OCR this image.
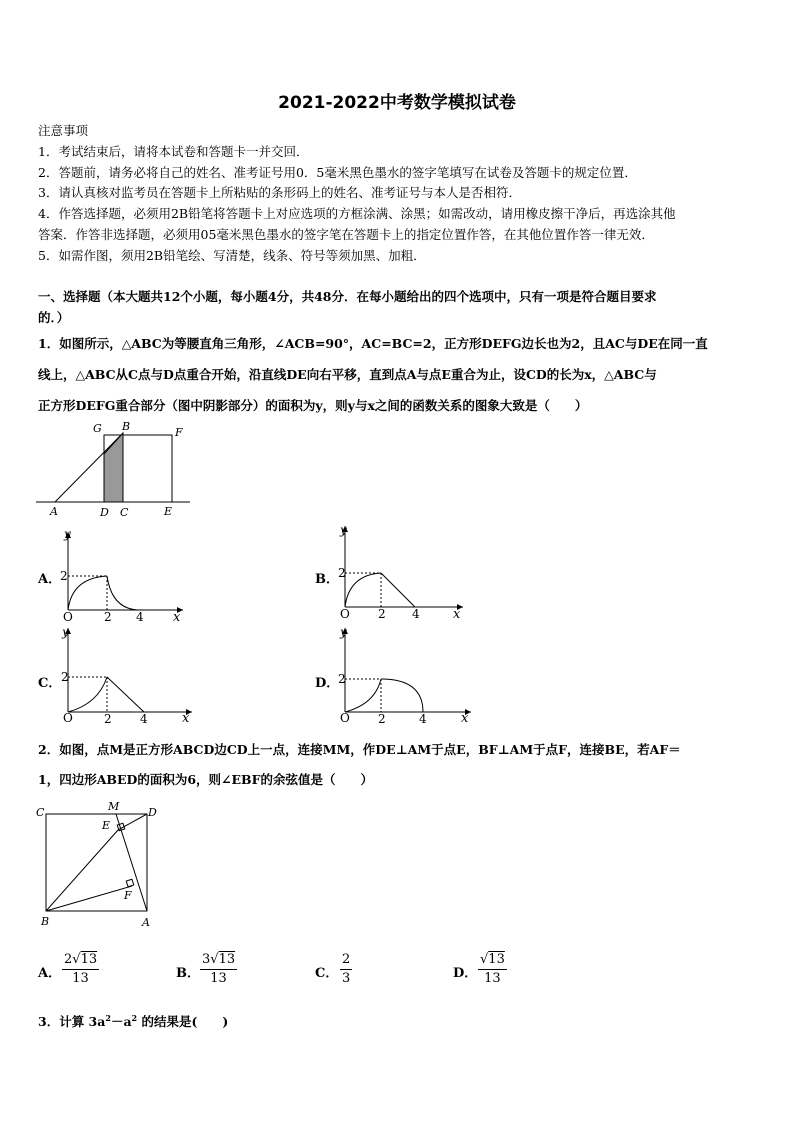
2021-2022中考数学模拟试卷
注意事项
1．考试结束后，请将本试卷和答题卡一并交回．
2．答题前，请务必将自己的姓名、准考证号用0．5毫米黑色墨水的签字笔填写在试卷及答题卡的规定位置．
3．请认真核对监考员在答题卡上所粘贴的条形码上的姓名、准考证号与本人是否相符．
4．作答选择题，必须用2B铅笔将答题卡上对应选项的方框涂满、涂黑；如需改动，请用橡皮擦干净后，再选涂其他
答案．作答非选择题，必须用05毫米黑色墨水的签字笔在答题卡上的指定位置作答，在其他位置作答一律无效．
5．如需作图，须用2B铅笔绘、写清楚，线条、符号等须加黑、加粗．
一、选择题（本大题共12个小题，每小题4分，共48分．在每小题给出的四个选项中，只有一项是符合题目要求
的．）
1．如图所示，△ABC为等腰直角三角形，∠ACB=90°，AC=BC=2，正方形DEFG边长也为2，且AC与DE在同一直
线上，△ABC从C点与D点重合开始，沿直线DE向右平移，直到点A与点E重合为止，设CD的长为x，△ABC与
正方形DEFG重合部分（图中阴影部分）的面积为y，则y与x之间的函数关系的图象大致是（　　）
G B	F
A	D C	E
A．
y
x
2
O	2 4
B．
y
x
2
O 2 4
C．
y
x
2
O	2 4
D．
y
x
2
O 2	4
2．如图，点M是正方形ABCD边CD上一点，连接MM，作DE⊥AM于点E，BF⊥AM于点F，连接BE，若AF＝
1，四边形ABED的面积为6，则∠EBF的余弦值是（　　）
C	M	D
E
F
B	A
A． $\frac{2√13}{13}$	B． $\frac{3√13}{13}$	C． $\frac{2}{3}$	D． $\frac{√13}{13}$
3．计算 $3a^2-a^2$ 的结果是(　　)
